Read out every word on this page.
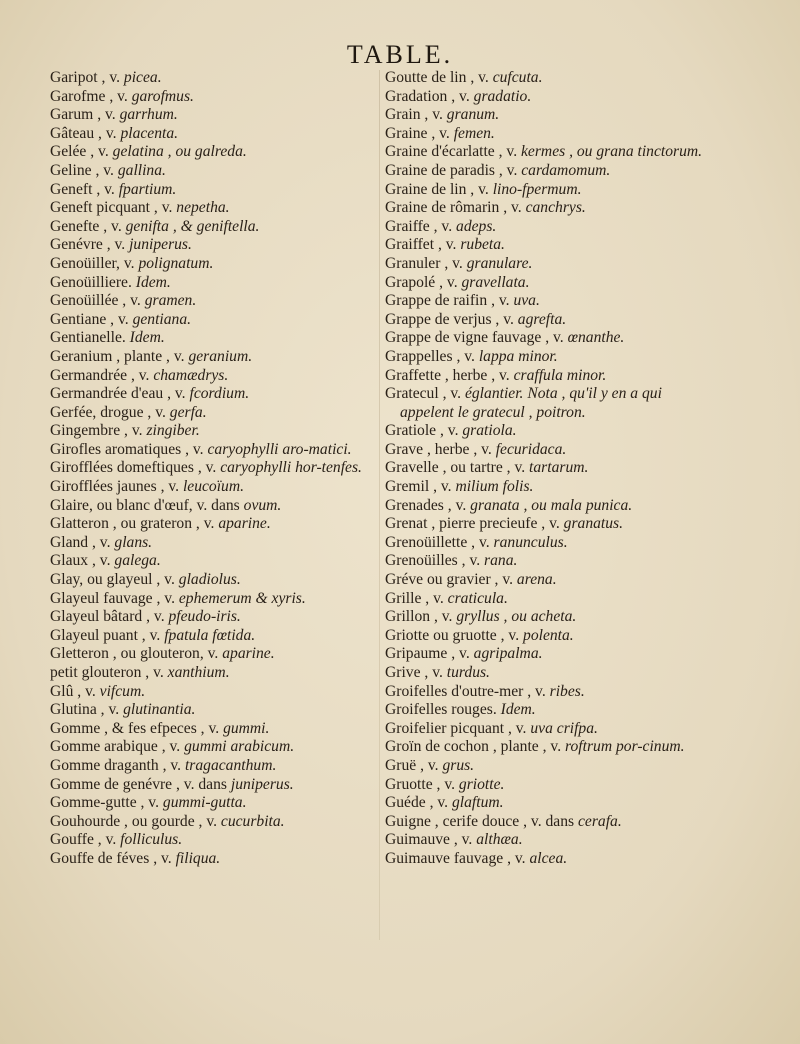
TABLE.
Garipot , v. picea.
Garofme , v. garofmus.
Garum , v. garrhum.
Gâteau , v. placenta.
Gelée , v. gelatina , ou galreda.
Geline , v. gallina.
Geneft , v. fpartium.
Geneft picquant , v. nepetha.
Genefte , v. genifta , & geniftella.
Genévre , v. juniperus.
Genoüiller, v. polignatum.
Genoüilliere. Idem.
Genoüillée , v. gramen.
Gentiane , v. gentiana.
Gentianelle. Idem.
Geranium , plante , v. geranium.
Germandrée , v. chamædrys.
Germandrée d'eau , v. fcordium.
Gerfée, drogue , v. gerfa.
Gingembre , v. zingiber.
Girofles aromatiques , v. caryophylli aro-matici.
Girofflées domeftiques , v. caryophylli hor-tenfes.
Girofflées jaunes , v. leucoïum.
Glaire, ou blanc d'œuf, v. dans ovum.
Glatteron , ou grateron , v. aparine.
Gland , v. glans.
Glaux , v. galega.
Glay, ou glayeul , v. gladiolus.
Glayeul fauvage , v. ephemerum & xyris.
Glayeul bâtard , v. pfeudo-iris.
Glayeul puant , v. fpatula fœtida.
Gletteron , ou glouteron, v. aparine.
petit glouteron , v. xanthium.
Glû , v. vifcum.
Glutina , v. glutinantia.
Gomme , & fes efpeces , v. gummi.
Gomme arabique , v. gummi arabicum.
Gomme draganth , v. tragacanthum.
Gomme de genévre , v. dans juniperus.
Gomme-gutte , v. gummi-gutta.
Gouhourde , ou gourde , v. cucurbita.
Gouffe , v. folliculus.
Gouffe de féves , v. filiqua.
Goutte de lin , v. cufcuta.
Gradation , v. gradatio.
Grain , v. granum.
Graine , v. femen.
Graine d'écarlatte , v. kermes , ou grana tinctorum.
Graine de paradis , v. cardamomum.
Graine de lin , v. lino-fpermum.
Graine de rômarin , v. canchrys.
Graiffe , v. adeps.
Graiffet , v. rubeta.
Granuler , v. granulare.
Grapolé , v. gravellata.
Grappe de raifin , v. uva.
Grappe de verjus , v. agrefta.
Grappe de vigne fauvage , v. œnanthe.
Grappelles , v. lappa minor.
Graffette , herbe , v. craffula minor.
Gratecul , v. églantier. Nota , qu'il y en a qui appelent le gratecul , poitron.
Gratiole , v. gratiola.
Grave , herbe , v. fecuridaca.
Gravelle , ou tartre , v. tartarum.
Gremil , v. milium folis.
Grenades , v. granata , ou mala punica.
Grenat , pierre precieufe , v. granatus.
Grenoüillette , v. ranunculus.
Grenoüilles , v. rana.
Gréve ou gravier , v. arena.
Grille , v. craticula.
Grillon , v. gryllus , ou acheta.
Griotte ou gruotte , v. polenta.
Gripaume , v. agripalma.
Grive , v. turdus.
Groifelles d'outre-mer , v. ribes.
Groifelles rouges. Idem.
Groifelier picquant , v. uva crifpa.
Groïn de cochon , plante , v. roftrum por-cinum.
Gruë , v. grus.
Gruotte , v. griotte.
Guéde , v. glaftum.
Guigne , cerife douce , v. dans cerafa.
Guimauve , v. althæa.
Guimauve fauvage , v. alcea.
